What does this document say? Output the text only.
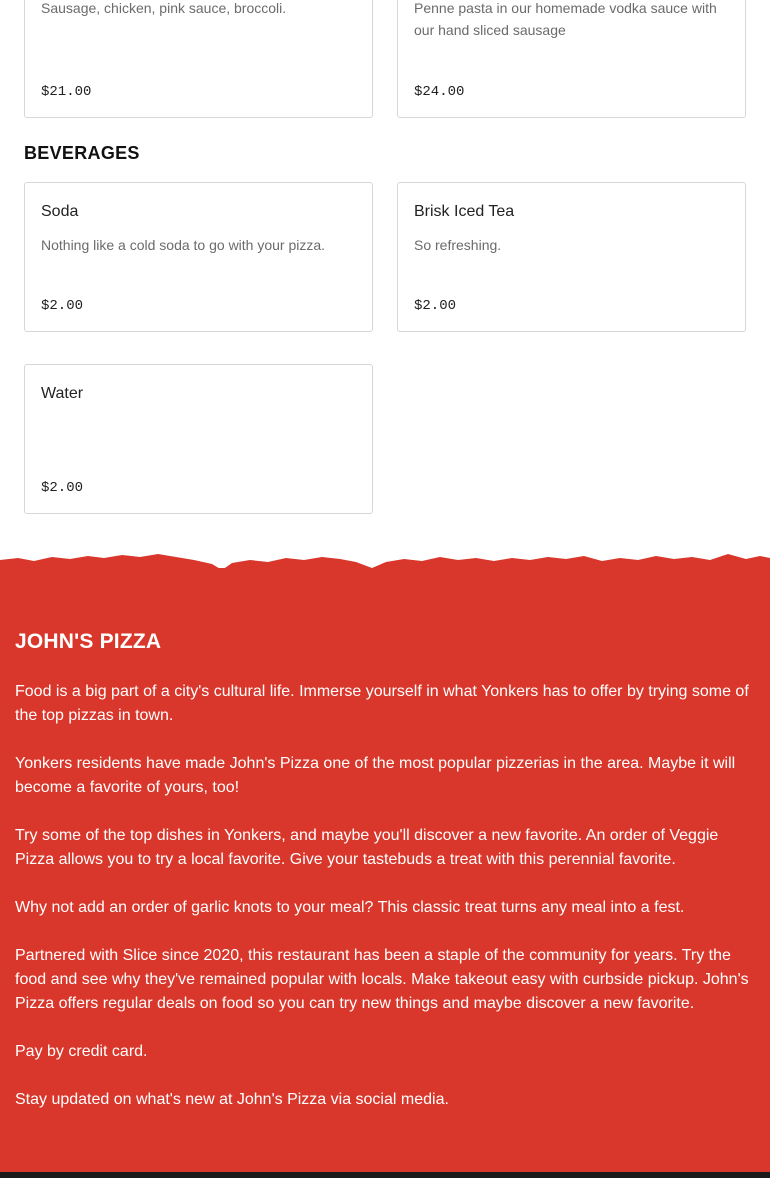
Sausage, chicken, pink sauce, broccoli.
$21.00
Penne pasta in our homemade vodka sauce with our hand sliced sausage
$24.00
BEVERAGES
Soda
Nothing like a cold soda to go with your pizza.
$2.00
Brisk Iced Tea
So refreshing.
$2.00
Water
$2.00
JOHN'S PIZZA

Food is a big part of a city's cultural life. Immerse yourself in what Yonkers has to offer by trying some of the top pizzas in town.

Yonkers residents have made John's Pizza one of the most popular pizzerias in the area. Maybe it will become a favorite of yours, too!

Try some of the top dishes in Yonkers, and maybe you'll discover a new favorite. An order of Veggie Pizza allows you to try a local favorite. Give your tastebuds a treat with this perennial favorite.

Why not add an order of garlic knots to your meal? This classic treat turns any meal into a fest.

Partnered with Slice since 2020, this restaurant has been a staple of the community for years. Try the food and see why they've remained popular with locals. Make takeout easy with curbside pickup. John's Pizza offers regular deals on food so you can try new things and maybe discover a new favorite.

Pay by credit card.

Stay updated on what's new at John's Pizza via social media.
